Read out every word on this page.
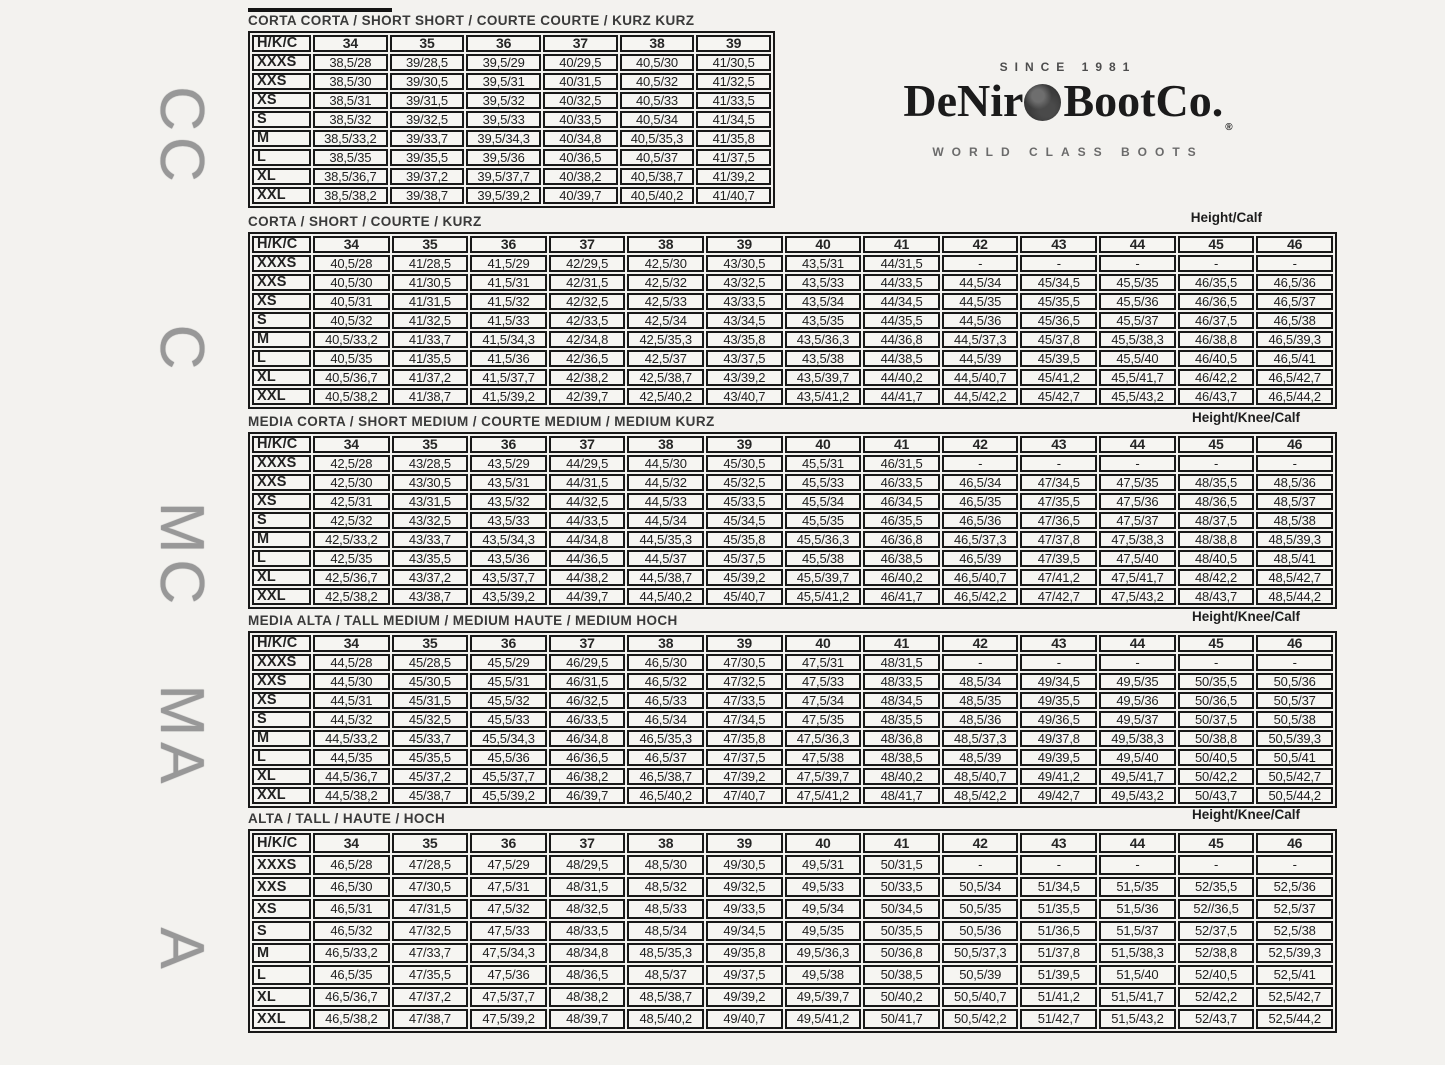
CC
C
MC
MA
A
SINCE 1981
DeNir BootCo.®
WORLD CLASS BOOTS
CORTA CORTA / SHORT SHORT / COURTE COURTE / KURZ KURZ
H/K/C	34	35	36	37	38	39
XXXS	38,5/28	39/28,5	39,5/29	40/29,5	40,5/30	41/30,5
XXS	38,5/30	39/30,5	39,5/31	40/31,5	40,5/32	41/32,5
XS	38,5/31	39/31,5	39,5/32	40/32,5	40,5/33	41/33,5
S	38,5/32	39/32,5	39,5/33	40/33,5	40,5/34	41/34,5
M	38,5/33,2	39/33,7	39,5/34,3	40/34,8	40,5/35,3	41/35,8
L	38,5/35	39/35,5	39,5/36	40/36,5	40,5/37	41/37,5
XL	38,5/36,7	39/37,2	39,5/37,7	40/38,2	40,5/38,7	41/39,2
XXL	38,5/38,2	39/38,7	39,5/39,2	40/39,7	40,5/40,2	41/40,7
CORTA / SHORT / COURTE / KURZ	Height/Calf
H/K/C	34	35	36	37	38	39	40	41	42	43	44	45	46
XXXS	40,5/28	41/28,5	41,5/29	42/29,5	42,5/30	43/30,5	43,5/31	44/31,5	-	-	-	-	-
XXS	40,5/30	41/30,5	41,5/31	42/31,5	42,5/32	43/32,5	43,5/33	44/33,5	44,5/34	45/34,5	45,5/35	46/35,5	46,5/36
XS	40,5/31	41/31,5	41,5/32	42/32,5	42,5/33	43/33,5	43,5/34	44/34,5	44,5/35	45/35,5	45,5/36	46/36,5	46,5/37
S	40,5/32	41/32,5	41,5/33	42/33,5	42,5/34	43/34,5	43,5/35	44/35,5	44,5/36	45/36,5	45,5/37	46/37,5	46,5/38
M	40,5/33,2	41/33,7	41,5/34,3	42/34,8	42,5/35,3	43/35,8	43,5/36,3	44/36,8	44,5/37,3	45/37,8	45,5/38,3	46/38,8	46,5/39,3
L	40,5/35	41/35,5	41,5/36	42/36,5	42,5/37	43/37,5	43,5/38	44/38,5	44,5/39	45/39,5	45,5/40	46/40,5	46,5/41
XL	40,5/36,7	41/37,2	41,5/37,7	42/38,2	42,5/38,7	43/39,2	43,5/39,7	44/40,2	44,5/40,7	45/41,2	45,5/41,7	46/42,2	46,5/42,7
XXL	40,5/38,2	41/38,7	41,5/39,2	42/39,7	42,5/40,2	43/40,7	43,5/41,2	44/41,7	44,5/42,2	45/42,7	45,5/43,2	46/43,7	46,5/44,2
MEDIA CORTA / SHORT MEDIUM / COURTE MEDIUM / MEDIUM KURZ	Height/Knee/Calf
H/K/C	34	35	36	37	38	39	40	41	42	43	44	45	46
XXXS	42,5/28	43/28,5	43,5/29	44/29,5	44,5/30	45/30,5	45,5/31	46/31,5	-	-	-	-	-
XXS	42,5/30	43/30,5	43,5/31	44/31,5	44,5/32	45/32,5	45,5/33	46/33,5	46,5/34	47/34,5	47,5/35	48/35,5	48,5/36
XS	42,5/31	43/31,5	43,5/32	44/32,5	44,5/33	45/33,5	45,5/34	46/34,5	46,5/35	47/35,5	47,5/36	48/36,5	48,5/37
S	42,5/32	43/32,5	43,5/33	44/33,5	44,5/34	45/34,5	45,5/35	46/35,5	46,5/36	47/36,5	47,5/37	48/37,5	48,5/38
M	42,5/33,2	43/33,7	43,5/34,3	44/34,8	44,5/35,3	45/35,8	45,5/36,3	46/36,8	46,5/37,3	47/37,8	47,5/38,3	48/38,8	48,5/39,3
L	42,5/35	43/35,5	43,5/36	44/36,5	44,5/37	45/37,5	45,5/38	46/38,5	46,5/39	47/39,5	47,5/40	48/40,5	48,5/41
XL	42,5/36,7	43/37,2	43,5/37,7	44/38,2	44,5/38,7	45/39,2	45,5/39,7	46/40,2	46,5/40,7	47/41,2	47,5/41,7	48/42,2	48,5/42,7
XXL	42,5/38,2	43/38,7	43,5/39,2	44/39,7	44,5/40,2	45/40,7	45,5/41,2	46/41,7	46,5/42,2	47/42,7	47,5/43,2	48/43,7	48,5/44,2
MEDIA ALTA / TALL MEDIUM / MEDIUM HAUTE / MEDIUM HOCH	Height/Knee/Calf
H/K/C	34	35	36	37	38	39	40	41	42	43	44	45	46
XXXS	44,5/28	45/28,5	45,5/29	46/29,5	46,5/30	47/30,5	47,5/31	48/31,5	-	-	-	-	-
XXS	44,5/30	45/30,5	45,5/31	46/31,5	46,5/32	47/32,5	47,5/33	48/33,5	48,5/34	49/34,5	49,5/35	50/35,5	50,5/36
XS	44,5/31	45/31,5	45,5/32	46/32,5	46,5/33	47/33,5	47,5/34	48/34,5	48,5/35	49/35,5	49,5/36	50/36,5	50,5/37
S	44,5/32	45/32,5	45,5/33	46/33,5	46,5/34	47/34,5	47,5/35	48/35,5	48,5/36	49/36,5	49,5/37	50/37,5	50,5/38
M	44,5/33,2	45/33,7	45,5/34,3	46/34,8	46,5/35,3	47/35,8	47,5/36,3	48/36,8	48,5/37,3	49/37,8	49,5/38,3	50/38,8	50,5/39,3
L	44,5/35	45/35,5	45,5/36	46/36,5	46,5/37	47/37,5	47,5/38	48/38,5	48,5/39	49/39,5	49,5/40	50/40,5	50,5/41
XL	44,5/36,7	45/37,2	45,5/37,7	46/38,2	46,5/38,7	47/39,2	47,5/39,7	48/40,2	48,5/40,7	49/41,2	49,5/41,7	50/42,2	50,5/42,7
XXL	44,5/38,2	45/38,7	45,5/39,2	46/39,7	46,5/40,2	47/40,7	47,5/41,2	48/41,7	48,5/42,2	49/42,7	49,5/43,2	50/43,7	50,5/44,2
ALTA / TALL / HAUTE / HOCH	Height/Knee/Calf
H/K/C	34	35	36	37	38	39	40	41	42	43	44	45	46
XXXS	46,5/28	47/28,5	47,5/29	48/29,5	48,5/30	49/30,5	49,5/31	50/31,5	-	-	-	-	-
XXS	46,5/30	47/30,5	47,5/31	48/31,5	48,5/32	49/32,5	49,5/33	50/33,5	50,5/34	51/34,5	51,5/35	52/35,5	52,5/36
XS	46,5/31	47/31,5	47,5/32	48/32,5	48,5/33	49/33,5	49,5/34	50/34,5	50,5/35	51/35,5	51,5/36	52//36,5	52,5/37
S	46,5/32	47/32,5	47,5/33	48/33,5	48,5/34	49/34,5	49,5/35	50/35,5	50,5/36	51/36,5	51,5/37	52/37,5	52,5/38
M	46,5/33,2	47/33,7	47,5/34,3	48/34,8	48,5/35,3	49/35,8	49,5/36,3	50/36,8	50,5/37,3	51/37,8	51,5/38,3	52/38,8	52,5/39,3
L	46,5/35	47/35,5	47,5/36	48/36,5	48,5/37	49/37,5	49,5/38	50/38,5	50,5/39	51/39,5	51,5/40	52/40,5	52,5/41
XL	46,5/36,7	47/37,2	47,5/37,7	48/38,2	48,5/38,7	49/39,2	49,5/39,7	50/40,2	50,5/40,7	51/41,2	51,5/41,7	52/42,2	52,5/42,7
XXL	46,5/38,2	47/38,7	47,5/39,2	48/39,7	48,5/40,2	49/40,7	49,5/41,2	50/41,7	50,5/42,2	51/42,7	51,5/43,2	52/43,7	52,5/44,2
